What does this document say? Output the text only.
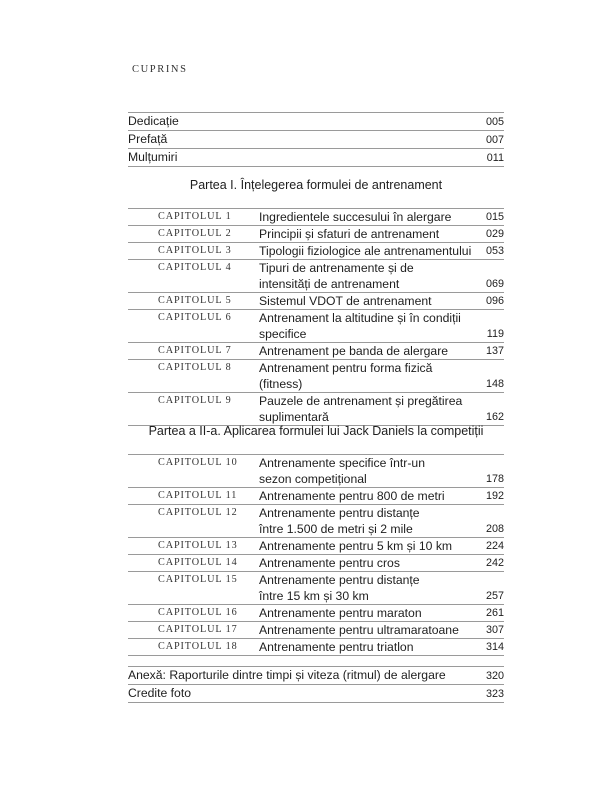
CUPRINS
Dedicație	005
Prefață	007
Mulțumiri	011
Partea I. Înțelegerea formulei de antrenament
CAPITOLUL 1	Ingredientele succesului în alergare	015
CAPITOLUL 2	Principii și sfaturi de antrenament	029
CAPITOLUL 3	Tipologii fiziologice ale antrenamentului	053
CAPITOLUL 4	Tipuri de antrenamente și de
intensități de antrenament	069
CAPITOLUL 5	Sistemul VDOT de antrenament	096
CAPITOLUL 6	Antrenament la altitudine și în condiții
specifice	119
CAPITOLUL 7	Antrenament pe banda de alergare	137
CAPITOLUL 8	Antrenament pentru forma fizică (fitness)	148
CAPITOLUL 9	Pauzele de antrenament și pregătirea
suplimentară	162
Partea a II-a. Aplicarea formulei lui Jack Daniels la competiții
CAPITOLUL 10	Antrenamente specifice într-un
sezon competițional	178
CAPITOLUL 11	Antrenamente pentru 800 de metri	192
CAPITOLUL 12	Antrenamente pentru distanțe
între 1.500 de metri și 2 mile	208
CAPITOLUL 13	Antrenamente pentru 5 km și 10 km	224
CAPITOLUL 14	Antrenamente pentru cros	242
CAPITOLUL 15	Antrenamente pentru distanțe
între 15 km și 30 km	257
CAPITOLUL 16	Antrenamente pentru maraton	261
CAPITOLUL 17	Antrenamente pentru ultramaratoane	307
CAPITOLUL 18	Antrenamente pentru triatlon	314
Anexă: Raporturile dintre timpi și viteza (ritmul) de alergare	320
Credite foto	323
